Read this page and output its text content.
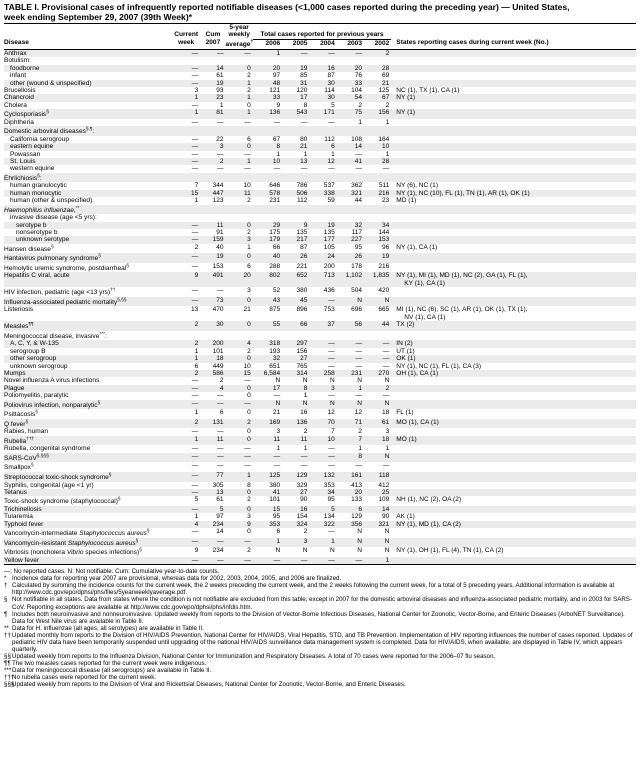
TABLE I. Provisional cases of infrequently reported notifiable diseases (<1,000 cases reported during the preceding year) — United States,
week ending September 29, 2007 (39th Week)*
			5-year						
	Current	Cum	weekly	Total cases reported for previous years					
Disease	week	2007	average†	2006	2005	2004	2003	2002	States reporting cases during current week (No.)
Anthrax	—	—	—	1	—	—	—	2	

Botulism:									

foodborne	—	14	0	20	19	16	20	28	

infant	—	61	2	97	85	87	76	69	

other (wound & unspecified)	—	19	1	48	31	30	33	21	

Brucellosis	3	93	2	121	120	114	104	125	NC (1), TX (1), CA (1)

Chancroid	1	23	1	33	17	30	54	67	NY (1)

Cholera	—	1	0	9	8	5	2	2	

Cyclosporiasis§	1	81	1	136	543	171	75	156	NY (1)

Diphtheria	—	—	—	—	—	—	1	1	

Domestic arboviral diseases§,¶:									

California serogroup	—	22	6	67	80	112	108	164	

eastern equine	—	3	0	8	21	6	14	10	

Powassan	—	—	—	1	1	1	—	1	

St. Louis	—	2	1	10	13	12	41	28	

western equine	—	—	—	—	—	—	—	—	

Ehrlichiosis§:									

human granulocytic	7	344	10	646	786	537	362	511	NY (6), NC (1)

human monocytic	15	447	11	578	506	338	321	216	NY (1), NC (10), FL (1), TN (1), AR (1), OK (1)

human (other & unspecified)	1	123	2	231	112	59	44	23	MD (1)

Haemophilus influenzae,**									

invasive disease (age <5 yrs):									

serotype b	—	11	0	29	9	19	32	34	

nonserotype b	—	91	2	175	135	135	117	144	

unknown serotype	—	159	3	179	217	177	227	153	

Hansen disease§	2	40	1	66	87	105	95	96	NY (1), CA (1)

Hantavirus pulmonary syndrome§	—	19	0	40	26	24	26	19	

Hemolytic uremic syndrome, postdiarrheal§	—	153	6	288	221	200	178	216	

Hepatitis C viral, acute	9	491	20	802	652	713	1,102	1,835	NY (1), MI (1), MD (1), NC (2), GA (1), FL (1),
KY (1), CA (1)

HIV infection, pediatric (age <13 yrs)††	—	—	3	52	380	436	504	420	

Influenza-associated pediatric mortality§,§§	—	73	0	43	45	—	N	N	

Listeriosis	13	470	21	875	896	753	696	665	MI (1), NC (6), SC (1), AR (1), OK (1), TX (1),
NV (1), CA (1)

Measles¶¶	2	30	0	55	66	37	56	44	TX (2)

Meningococcal disease, invasive***:									

A, C, Y, & W-135	2	200	4	318	297	—	—	—	IN (2)

serogroup B	1	101	2	193	156	—	—	—	UT (1)

other serogroup	1	18	0	32	27	—	—	—	OK (1)

unknown serogroup	6	449	10	651	765	—	—	—	NY (1), NC (1), FL (1), CA (3)

Mumps	2	586	15	6,584	314	258	231	270	OH (1), CA (1)

Novel influenza A virus infections	—	2	—	N	N	N	N	N	

Plague	—	4	0	17	8	3	1	2	

Poliomyelitis, paralytic	—	—	0	—	1	—	—	—	

Poliovirus infection, nonparalytic§	—	—	—	N	N	N	N	N	

Psittacosis§	1	6	0	21	16	12	12	18	FL (1)

Q fever§	2	131	2	169	136	70	71	61	MO (1), CA (1)

Rabies, human	—	—	0	3	2	7	2	3	

Rubella†††	1	11	0	11	11	10	7	18	MO (1)

Rubella, congenital syndrome	—	—	—	1	1	—	1	1	

SARS-CoV§,§§§	—	—	—	—	—	—	8	N	

Smallpox§	—	—	—	—	—	—	—	—	

Streptococcal toxic-shock syndrome§	—	77	1	125	129	132	161	118	

Syphilis, congenital (age <1 yr)	—	305	8	380	329	353	413	412	

Tetanus	—	13	0	41	27	34	20	25	

Toxic-shock syndrome (staphylococcal)§	5	61	2	101	90	95	133	109	NH (1), NC (2), OA (2)

Trichinellosis	—	5	0	15	16	5	6	14	

Tularemia	1	97	3	95	154	134	129	90	AK (1)

Typhoid fever	4	234	9	353	324	322	356	321	NY (1), MD (1), CA (2)

Vancomycin-intermediate Staphylococcus aureus§	—	14	0	6	2	—	N	N	

Vancomycin-resistant Staphylococcus aureus§	—	—	—	1	3	1	N	N	

Vibriosis (noncholera Vibrio species infections)§	9	234	2	N	N	N	N	N	NY (1), OH (1), FL (4), TN (1), CA (2)

Yellow fever	—	—	—	—	—	—	—	1	
—: No reported cases. N: Not notifiable. Cum: Cumulative year-to-date counts.
* Incidence data for reporting year 2007 are provisional, whereas data for 2002, 2003, 2004, 2005, and 2006 are finalized.
† Calculated by summing the incidence counts for the current week, the 2 weeks preceding the current week, and the 2 weeks following the current week, for a total of 5 preceding years. Additional information is available at http://www.cdc.gov/epo/dphsi/phs/files/5yearweeklyaverage.pdf.
§ Not notifiable in all states. Data from states where the condition is not notifiable are excluded from this table, except in 2007 for the domestic arboviral diseases and influenza-associated pediatric mortality, and in 2003 for SARS-CoV. Reporting exceptions are available at http://www.cdc.gov/epo/dphsi/phs/infdis.htm.
¶ Includes both neuroinvasive and nonneuroinvasive. Updated weekly from reports to the Division of Vector-Borne Infectious Diseases, National Center for Zoonotic, Vector-Borne, and Enteric Diseases (ArboNET Surveillance). Data for West Nile virus are available in Table II.
** Data for H. influenzae (all ages, all serotypes) are available in Table II.
†† Updated monthly from reports to the Division of HIV/AIDS Prevention, National Center for HIV/AIDS, Viral Hepatitis, STD, and TB Prevention. Implementation of HIV reporting influences the number of cases reported. Updates of pediatric HIV data have been temporarily suspended until upgrading of the national HIV/AIDS surveillance data management system is completed. Data for HIV/AIDS, when available, are displayed in Table IV, which appears quarterly.
§§ Updated weekly from reports to the Influenza Division, National Center for Immunization and Respiratory Diseases. A total of 70 cases were reported for the 2006–07 flu season.
¶¶ The two measles cases reported for the current week were indigenous.
*** Data for meningococcal disease (all serogroups) are available in Table II.
†††
No rubella cases were reported for the current week.
§§§
Updated weekly from reports to the Division of Viral and Rickettsial Diseases, National Center for Zoonotic, Vector-Borne, and Enteric Diseases.
